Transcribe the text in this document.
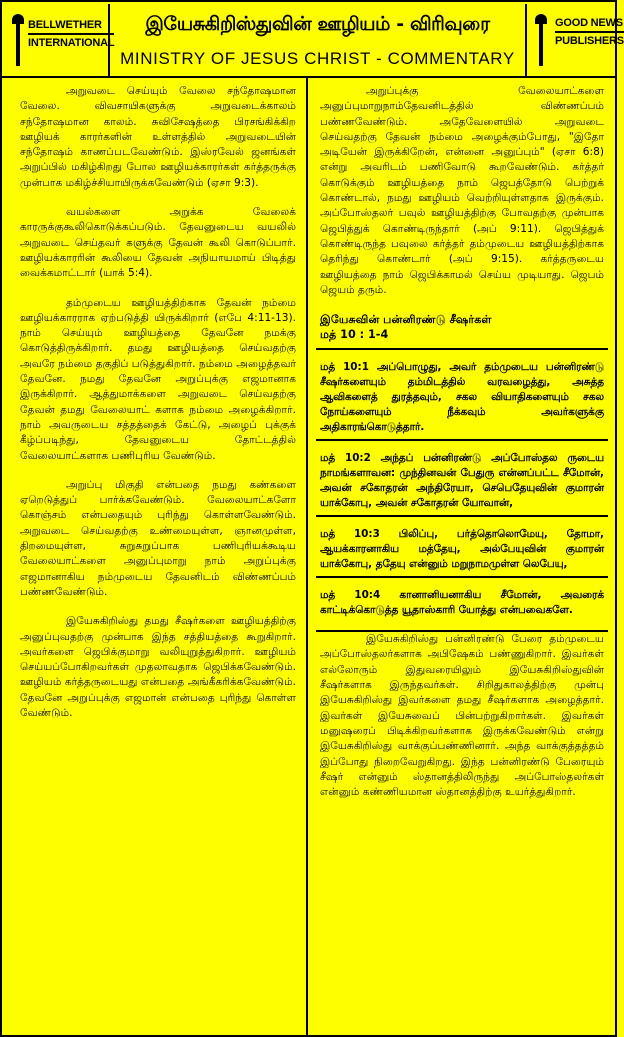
BELLWETHER
INTERNATIONAL
இயேசுகிறிஸ்துவின் ஊழியம் - விரிவுரை
MINISTRY OF JESUS CHRIST - COMMENTARY
GOOD NEWS
PUBLISHERS

அறுவடை செய்யும் வேலை சந்தோஷமான வேலை. விவசாயிகளுக்கு அறுவடைக்காலம் சந்தோஷமான காலம். சுவிசேஷத்தை பிரசங்கிக்கிற ஊழியக் காரர்களின் உள்ளத்தில் அறுவடையின் சந்தோஷம் காணப்படவேண்டும். இஸ்ரவேல் ஜனங்கள் அறுப்பில் மகிழ்கிறது போல ஊழியக்காரர்கள் கர்த்தருக்கு முன்பாக மகிழ்ச்சியாயிருக்கவேண்டும் (ஏசா 9:3).

வயல்களை அறுக்க வேலைக் காரருக்குகூலிகொடுக்கப்படும். தேவனுடைய வயலில் அறுவடை செய்தவர் களுக்கு தேவன் கூலி கொடுப்பார். ஊழியக்காரரின் கூலியை தேவன் அநியாயமாய் பிடித்து வைக்கமாட்டார் (யாக் 5:4).

தம்முடைய ஊழியத்திற்காக தேவன் நம்மை ஊழியக்காரராக ஏற்படுத்தி யிருக்கிறார் (எபே 4:11-13). நாம் செய்யும் ஊழியத்தை தேவனே நமக்கு கொடுத்திருக்கிறார். தமது ஊழியத்தை செய்வதற்கு அவரே நம்மை தகுதிப் படுத்துகிறார். நம்மை அழைத்தவர் தேவனே. நமது தேவனே அறுப்புக்கு எஜமானாக இருக்கிறார். ஆத்துமாக்களை அறுவடை செய்வதற்கு தேவன் தமது வேலையாட் களாக நம்மை அழைக்கிறார். நாம் அவருடைய சத்தத்தைக் கேட்டு, அழைப் புக்குக் கீழ்ப்படிந்து, தேவனுடைய தோட்டத்தில் வேலையாட்களாக பணிபுரிய வேண்டும்.

அறுப்பு மிகுதி என்பதை நமது கண்களை ஏறெடுத்துப் பார்க்கவேண்டும். வேலையாட்களோ கொஞ்சம் என்பதையும் புரிந்து கொள்ளவேண்டும். அறுவடை செய்வதற்கு உண்மையுள்ள, ஞானமுள்ள, திறமையுள்ள, சுறுசுறுப்பாக பணிபுரியக்கூடிய வேலையாட்களை அனுப்புமாறு நாம் அறுப்புக்கு எஜமானாகிய நம்முடைய தேவனிடம் விண்ணப்பம் பண்ணவேண்டும்.

இயேசுகிறிஸ்து தமது சீஷர்களை ஊழியத்திற்கு அனுப்புவதற்கு முன்பாக இந்த சத்தியத்தை கூறுகிறார். அவர்களை ஜெபிக்குமாறு வலியுறுத்துகிறார். ஊழியம் செய்யப்போகிறவர்கள் முதலாவதாக ஜெபிக்கவேண்டும். ஊழியம் கர்த்தருடையது என்பதை அங்கீகரிக்கவேண்டும். தேவனே அறுப்புக்கு எஜமான் என்பதை புரிந்து கொள்ள வேண்டும்.

அறுப்புக்கு வேலையாட்களை அனுப்புமாறுநாம்தேவனிடத்தில் விண்ணப்பம் பண்ணவேண்டும். அதேவேளையில் அறுவடை செய்வதற்கு தேவன் நம்மை அழைக்கும்போது, "இதோ அடியேன் இருக்கிறேன், என்னை அனுப்பும்" (ஏசா 6:8) என்று அவரிடம் பணிவோடு கூறவேண்டும். கர்த்தர் கொடுக்கும் ஊழியத்தை நாம் ஜெபத்தோடு பெற்றுக் கொண்டால், நமது ஊழியம் வெற்றியுள்ளதாக இருக்கும். அப்போஸ்தலர் பவுல் ஊழியத்திற்கு போவதற்கு முன்பாக ஜெபித்துக் கொண்டிருந்தார் (அப் 9:11). ஜெபித்துக் கொண்டிருந்த பவுலை கர்த்தர் தம்முடைய ஊழியத்திற்காக தெரிந்து கொண்டார் (அப் 9:15). கர்த்தருடைய ஊழியத்தை நாம் ஜெபிக்காமல் செய்ய முடியாது. ஜெபம் ஜெயம் தரும்.

இயேசுவின் பன்னிரண்டு சீஷர்கள்
மத் 10 : 1-4
மத் 10:1 அப்பொழுது, அவர் தம்முடைய பன்னிரண்டு சீஷர்களையும் தம்மிடத்தில் வரவழைத்து, அசுத்த ஆவிகளைத் துரத்தவும், சகல வியாதிகளையும் சகல நோய்களையும் நீக்கவும் அவர்களுக்கு அதிகாரங்கொடுத்தார்.
மத் 10:2 அந்தப் பன்னிரண்டு அப்போஸ்தல ருடைய நாமங்களாவன: முந்தினவன் பேதுரு என்னப்பட்ட சீமோன், அவன் சகோதரன் அந்திரேயா, செபெதேயுவின் குமாரன் யாக்கோபு, அவன் சகோதரன் யோவான்,
மத் 10:3 பிலிப்பு, பர்த்தொலொமேயு, தோமா, ஆயக்காரனாகிய மத்தேயு, அல்பேயுவின் குமாரன் யாக்கோபு, ததேயு என்னும் மறுநாமமுள்ள லெபேயு,
மத் 10:4 கானானியனாகிய சீமோன், அவரைக் காட்டிக்கொடுத்த யூதாஸ்காரி யோத்து என்பவைகளே.

இயேசுகிறிஸ்து பன்னிரண்டு பேரை தம்முடைய அப்போஸ்தலர்களாக அபிஷேகம் பண்ணுகிறார். இவர்கள் எல்லோரும் இதுவரையிலும் இயேசுகிறிஸ்துவின் சீஷர்களாக இருந்தவர்கள். சிறிதுகாலத்திற்கு முன்பு இயேசுகிறிஸ்து இவர்களை தமது சீஷர்களாக அழைத்தார். இவர்கள் இயேசுவைப் பின்பற்றுகிறார்கள். இவர்கள் மனுஷரைப் பிடிக்கிறவர்களாக இருக்கவேண்டும் என்று இயேசுகிறிஸ்து வாக்குப்பண்ணினார். அந்த வாக்குத்தத்தம் இப்போது நிறைவேறுகிறது. இந்த பன்னிரண்டு பேரையும் சீஷர் என்னும் ஸ்தானத்திலிருந்து அப்போஸ்தலர்கள் என்னும் கண்ணியமான ஸ்தானத்திற்கு உயர்த்துகிறார்.
